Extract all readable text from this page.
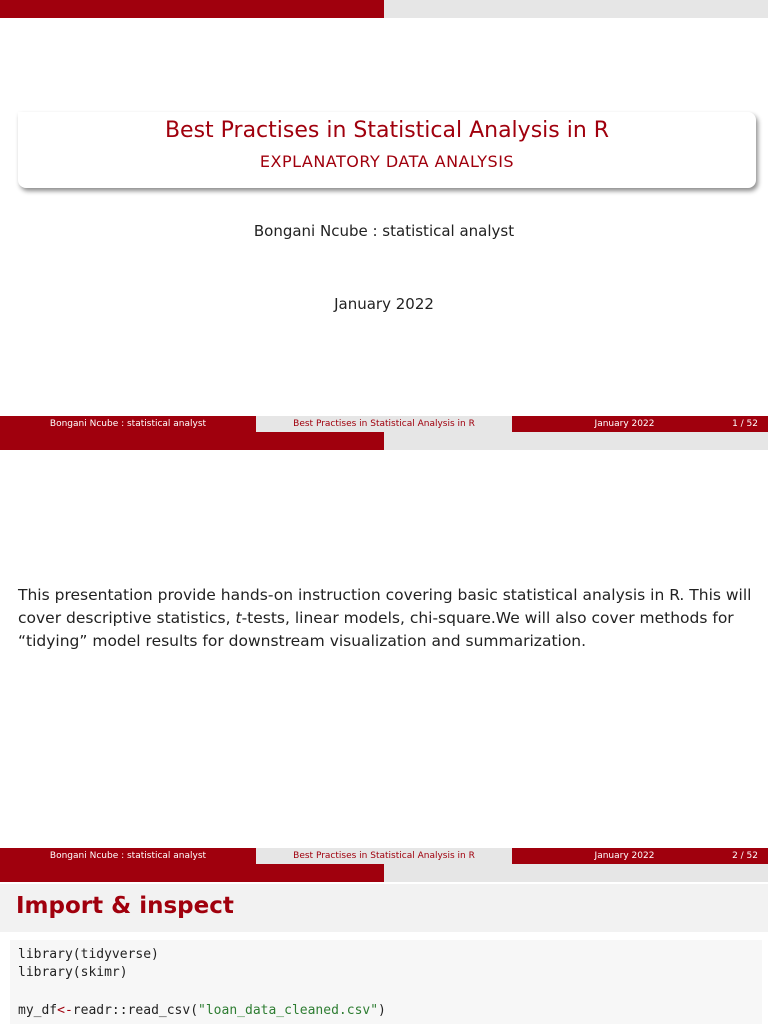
Best Practises in Statistical Analysis in R
EXPLANATORY DATA ANALYSIS
Bongani Ncube : statistical analyst
January 2022
Bongani Ncube : statistical analyst	Best Practises in Statistical Analysis in R	January 2022	1 / 52
Bongani Ncube : statistical analyst	Best Practises in Statistical Analysis in R	January 2022	2 / 52
This presentation provide hands-on instruction covering basic statistical analysis in R. This will cover descriptive statistics, t-tests, linear models, chi-square.We will also cover methods for “tidying” model results for downstream visualization and summarization.
Import & inspect
library(tidyverse)
library(skimr)
my_df<-readr::read_csv("loan_data_cleaned.csv")
